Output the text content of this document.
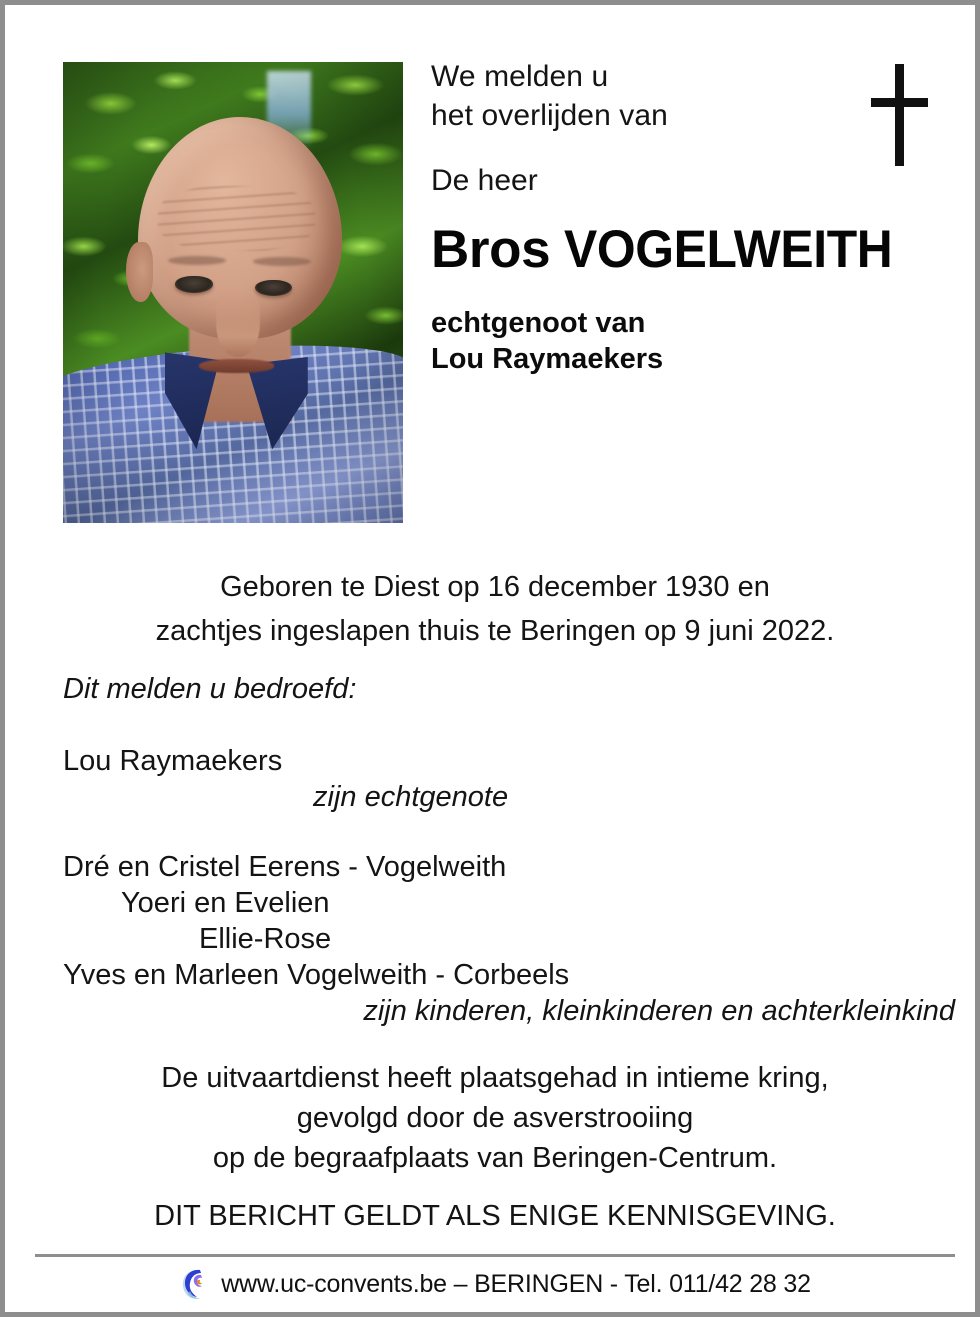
We melden u
het overlijden van
De heer
Bros VOGELWEITH
echtgenoot van
Lou Raymaekers
Geboren te Diest op 16 december 1930 en
zachtjes ingeslapen thuis te Beringen op 9 juni 2022.
Dit melden u bedroefd:
Lou Raymaekers
zijn echtgenote
Dré en Cristel Eerens - Vogelweith
Yoeri en Evelien
Ellie-Rose
Yves en Marleen Vogelweith - Corbeels
zijn kinderen, kleinkinderen en achterkleinkind
De uitvaartdienst heeft plaatsgehad in intieme kring,
gevolgd door de asverstrooiing
op de begraafplaats van Beringen-Centrum.
DIT BERICHT GELDT ALS ENIGE KENNISGEVING.
www.uc-convents.be – BERINGEN - Tel. 011/42 28 32
